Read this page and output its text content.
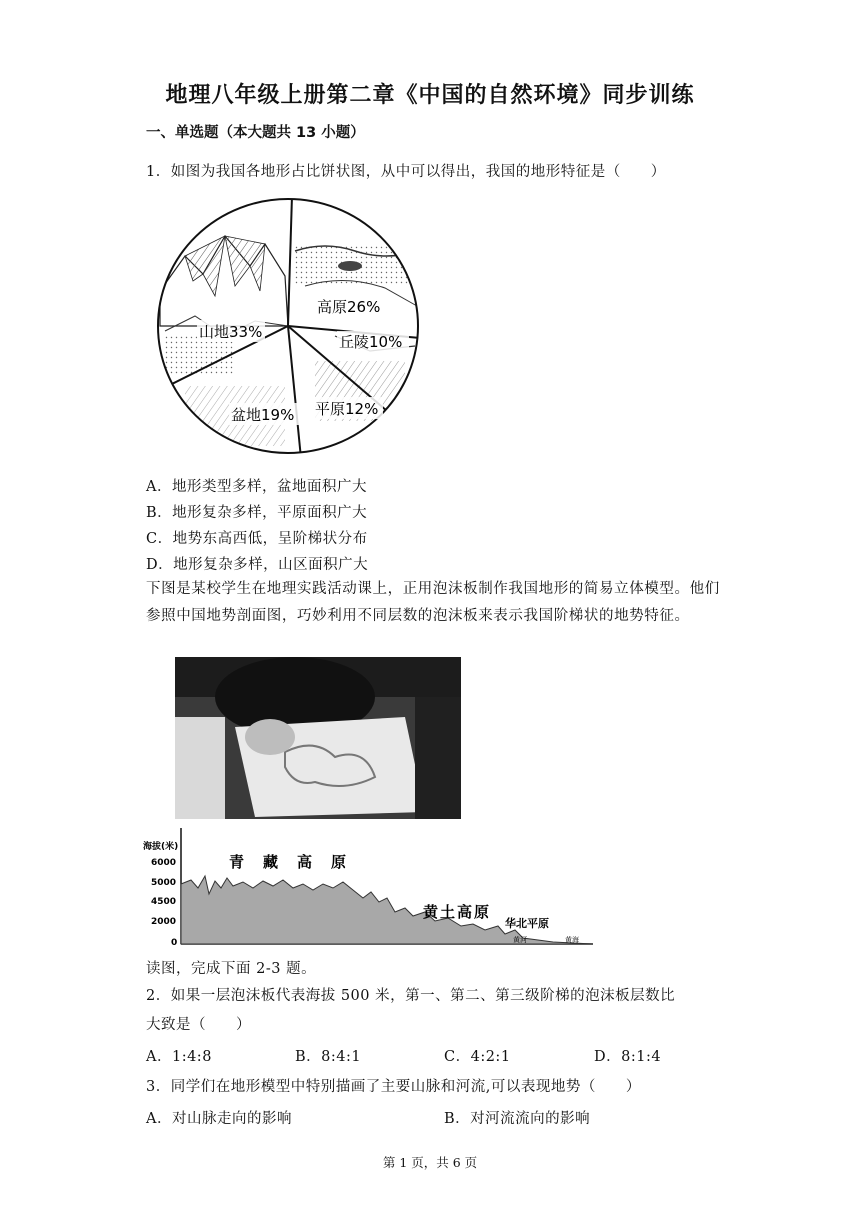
地理八年级上册第二章《中国的自然环境》同步训练
一、单选题（本大题共 13 小题）
1．如图为我国各地形占比饼状图，从中可以得出，我国的地形特征是（　　）
山地33%
高原26%
盆地19%
丘陵10%
平原12%
A．地形类型多样，盆地面积广大
B．地形复杂多样，平原面积广大
C．地势东高西低，呈阶梯状分布
D．地形复杂多样，山区面积广大
下图是某校学生在地理实践活动课上，正用泡沫板制作我国地形的简易立体模型。他们参照中国地势剖面图，巧妙利用不同层数的泡沫板来表示我国阶梯状的地势特征。
海拔(米)
6000
5000
4500
2000
0
青　藏　高　原
黄土高原
华北平原
黄河	黄海
读图，完成下面 2-3 题。
2．如果一层泡沫板代表海拔 500 米，第一、第二、第三级阶梯的泡沫板层数比
大致是（　　）
A．1:4:8	B．8:4:1	C．4:2:1	D．8:1:4
3．同学们在地形模型中特别描画了主要山脉和河流,可以表现地势（　　）
A．对山脉走向的影响	B．对河流流向的影响
第 1 页，共 6 页
